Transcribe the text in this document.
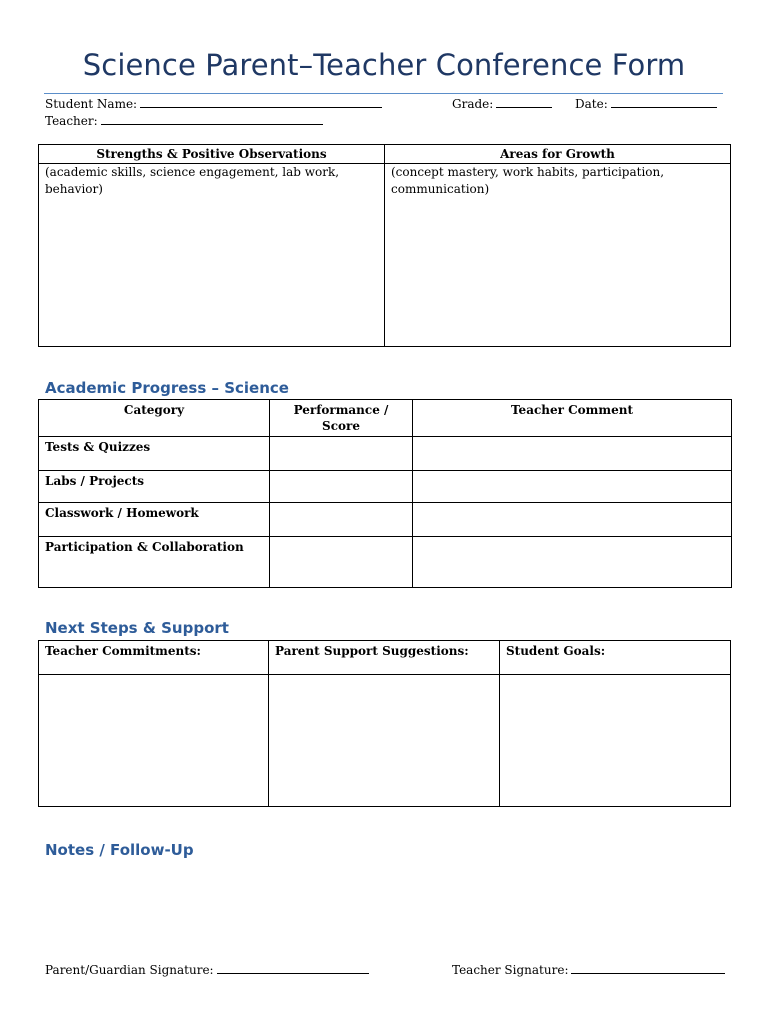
Science Parent–Teacher Conference Form
Student Name:	Grade:	Date:
Teacher:
Strengths & Positive Observations	Areas for Growth
(academic skills, science engagement, lab work, behavior)	(concept mastery, work habits, participation, communication)
Academic Progress – Science
Category	Performance / Score	Teacher Comment
Tests & Quizzes		
Labs / Projects		
Classwork / Homework		
Participation & Collaboration		
Next Steps & Support
Teacher Commitments:	Parent Support Suggestions:	Student Goals:

Notes / Follow-Up
Parent/Guardian Signature:	Teacher Signature:
